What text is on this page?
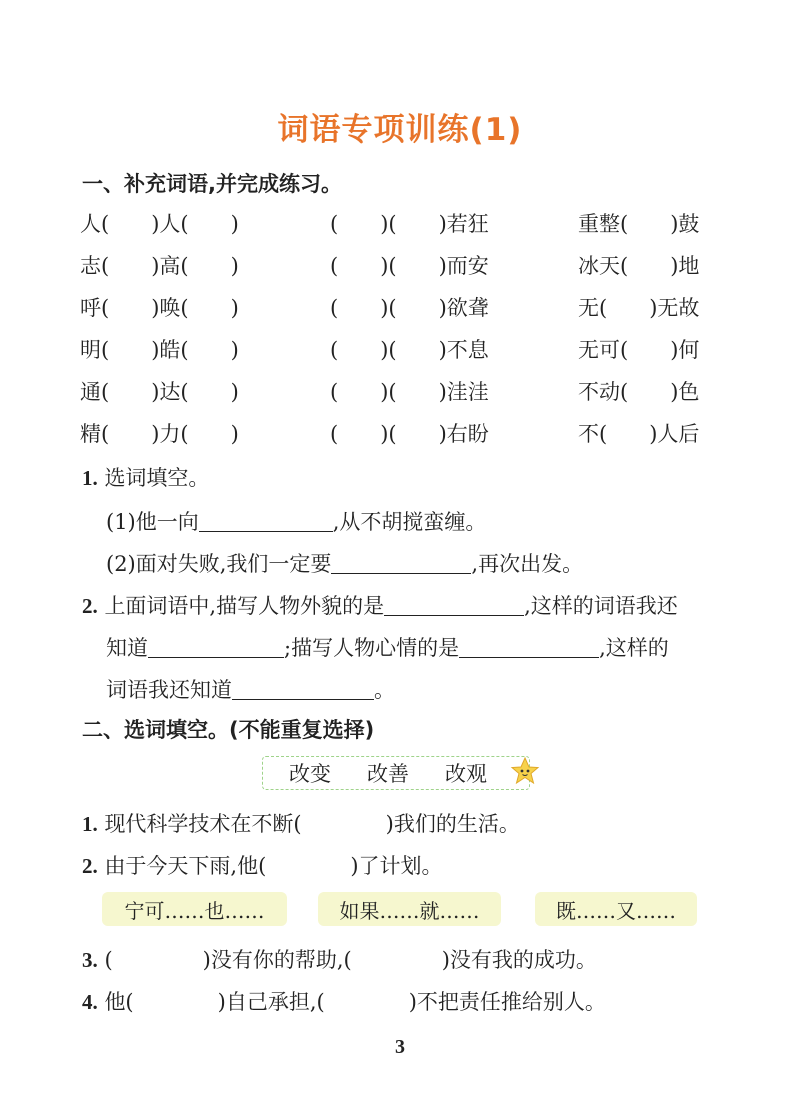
词语专项训练(1)
一、补充词语,并完成练习。
人(　　)人(　　)	(　　)(　　)若狂	重整(　　)鼓
志(　　)高(　　)	(　　)(　　)而安	冰天(　　)地
呼(　　)唤(　　)	(　　)(　　)欲聋	无(　　)无故
明(　　)皓(　　)	(　　)(　　)不息	无可(　　)何
通(　　)达(　　)	(　　)(　　)洼洼	不动(　　)色
精(　　)力(　　)	(　　)(　　)右盼	不(　　)人后
1. 选词填空。
(1)他一向	,从不胡搅蛮缠。
(2)面对失败,我们一定要	,再次出发。
2. 上面词语中,描写人物外貌的是	,这样的词语我还
知道	;描写人物心情的是	,这样的
词语我还知道	。
二、选词填空。(不能重复选择)
改变 改善 改观
1. 现代科学技术在不断(	)我们的生活。
2. 由于今天下雨,他(	)了计划。
宁可……也……	如果……就……	既……又……
3. (	)没有你的帮助,(	)没有我的成功。
4. 他(	)自己承担,(	)不把责任推给别人。
3
